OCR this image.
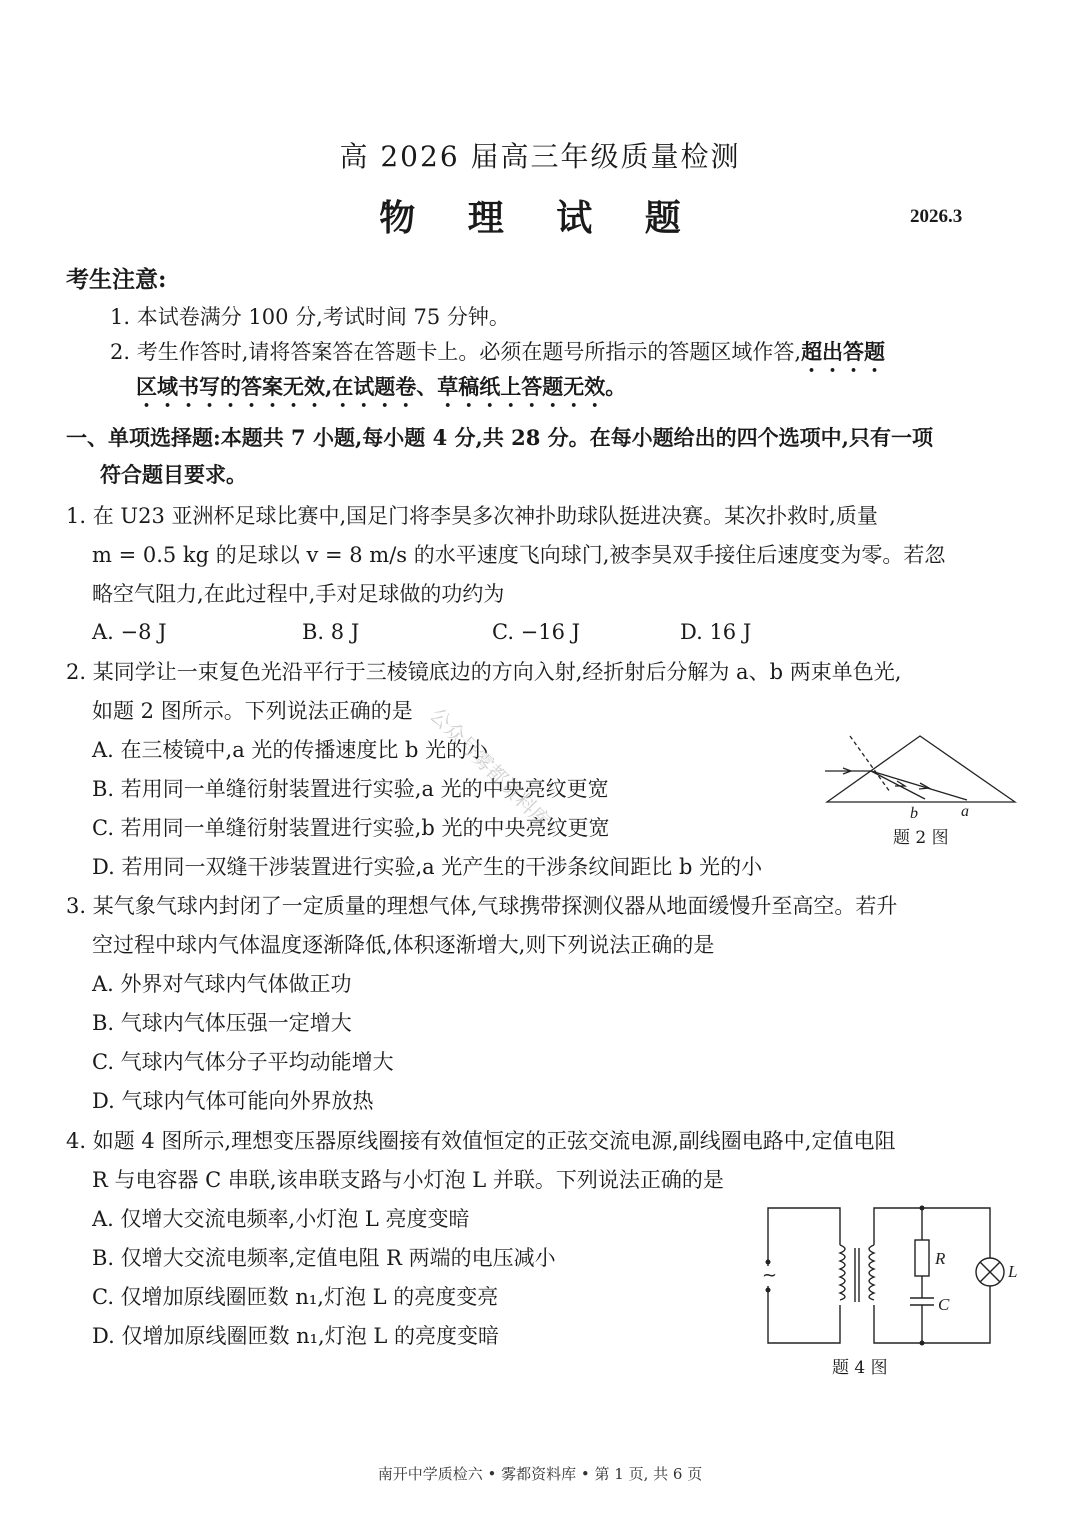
高 2026 届高三年级质量检测
物 理 试 题	2026.3
考生注意:
1. 本试卷满分 100 分,考试时间 75 分钟。
2. 考生作答时,请将答案答在答题卡上。必须在题号所指示的答题区域作答,超出答题
区域书写的答案无效,在试题卷、草稿纸上答题无效。
一、单项选择题:本题共 7 小题,每小题 4 分,共 28 分。在每小题给出的四个选项中,只有一项
符合题目要求。
1. 在 U23 亚洲杯足球比赛中,国足门将李昊多次神扑助球队挺进决赛。某次扑救时,质量
m = 0.5 kg 的足球以 v = 8 m/s 的水平速度飞向球门,被李昊双手接住后速度变为零。若忽
略空气阻力,在此过程中,手对足球做的功约为
A. −8 J	B. 8 J	C. −16 J	D. 16 J
2. 某同学让一束复色光沿平行于三棱镜底边的方向入射,经折射后分解为 a、b 两束单色光,
如题 2 图所示。下列说法正确的是
A. 在三棱镜中,a 光的传播速度比 b 光的小
B. 若用同一单缝衍射装置进行实验,a 光的中央亮纹更宽
C. 若用同一单缝衍射装置进行实验,b 光的中央亮纹更宽
D. 若用同一双缝干涉装置进行实验,a 光产生的干涉条纹间距比 b 光的小
b	a
题 2 图
公众号雾都资料库
3. 某气象气球内封闭了一定质量的理想气体,气球携带探测仪器从地面缓慢升至高空。若升
空过程中球内气体温度逐渐降低,体积逐渐增大,则下列说法正确的是
A. 外界对气球内气体做正功
B. 气球内气体压强一定增大
C. 气球内气体分子平均动能增大
D. 气球内气体可能向外界放热
4. 如题 4 图所示,理想变压器原线圈接有效值恒定的正弦交流电源,副线圈电路中,定值电阻
R 与电容器 C 串联,该串联支路与小灯泡 L 并联。下列说法正确的是
A. 仅增大交流电频率,小灯泡 L 亮度变暗
B. 仅增大交流电频率,定值电阻 R 两端的电压减小
C. 仅增加原线圈匝数 n₁,灯泡 L 的亮度变亮
D. 仅增加原线圈匝数 n₁,灯泡 L 的亮度变暗
~
R
C
L
题 4 图
南开中学质检六 • 雾都资料库 • 第 1 页, 共 6 页
